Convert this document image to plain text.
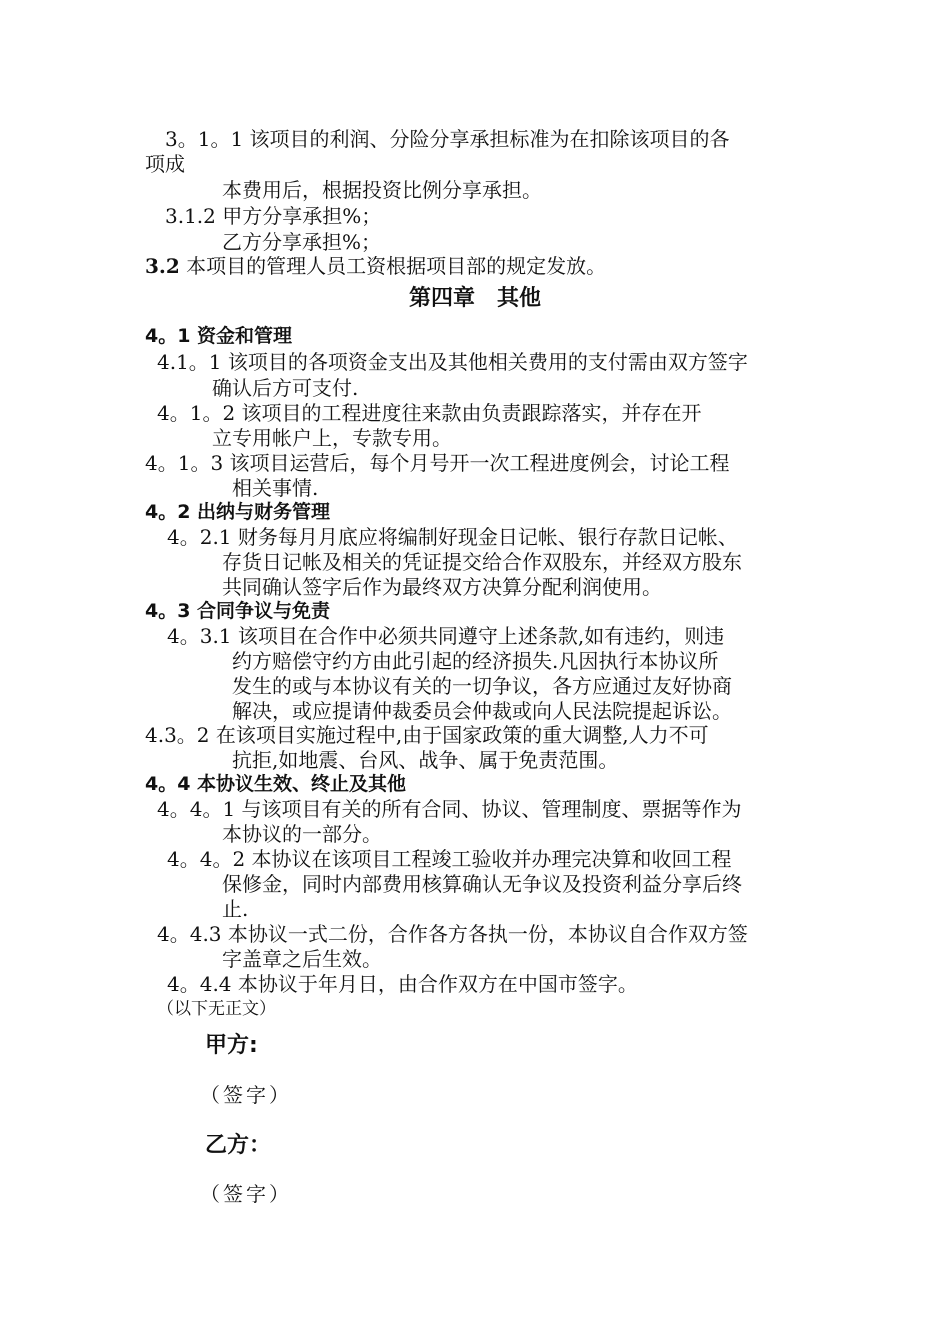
3。1。1 该项目的利润、分险分享承担标准为在扣除该项目的各
项成
本费用后，根据投资比例分享承担。
3.1.2 甲方分享承担%；
乙方分享承担%；
3.2 本项目的管理人员工资根据项目部的规定发放。
第四章　其他
4。1 资金和管理
4.1。1 该项目的各项资金支出及其他相关费用的支付需由双方签字
确认后方可支付.
4。1。2 该项目的工程进度往来款由负责跟踪落实，并存在开
立专用帐户上，专款专用。
4。1。3 该项目运营后，每个月号开一次工程进度例会，讨论工程
相关事情.
4。2 出纳与财务管理
4。2.1 财务每月月底应将编制好现金日记帐、银行存款日记帐、
存货日记帐及相关的凭证提交给合作双股东，并经双方股东
共同确认签字后作为最终双方决算分配利润使用。
4。3 合同争议与免责
4。3.1 该项目在合作中必须共同遵守上述条款,如有违约，则违
约方赔偿守约方由此引起的经济损失.凡因执行本协议所
发生的或与本协议有关的一切争议，各方应通过友好协商
解决，或应提请仲裁委员会仲裁或向人民法院提起诉讼。
4.3。2 在该项目实施过程中,由于国家政策的重大调整,人力不可
抗拒,如地震、台风、战争、属于免责范围。
4。4 本协议生效、终止及其他
4。4。1 与该项目有关的所有合同、协议、管理制度、票据等作为
本协议的一部分。
4。4。2 本协议在该项目工程竣工验收并办理完决算和收回工程
保修金，同时内部费用核算确认无争议及投资利益分享后终
止.
4。4.3 本协议一式二份，合作各方各执一份，本协议自合作双方签
字盖章之后生效。
4。4.4 本协议于年月日，由合作双方在中国市签字。
（以下无正文）
甲方:
（签字）
乙方：
（签字）
